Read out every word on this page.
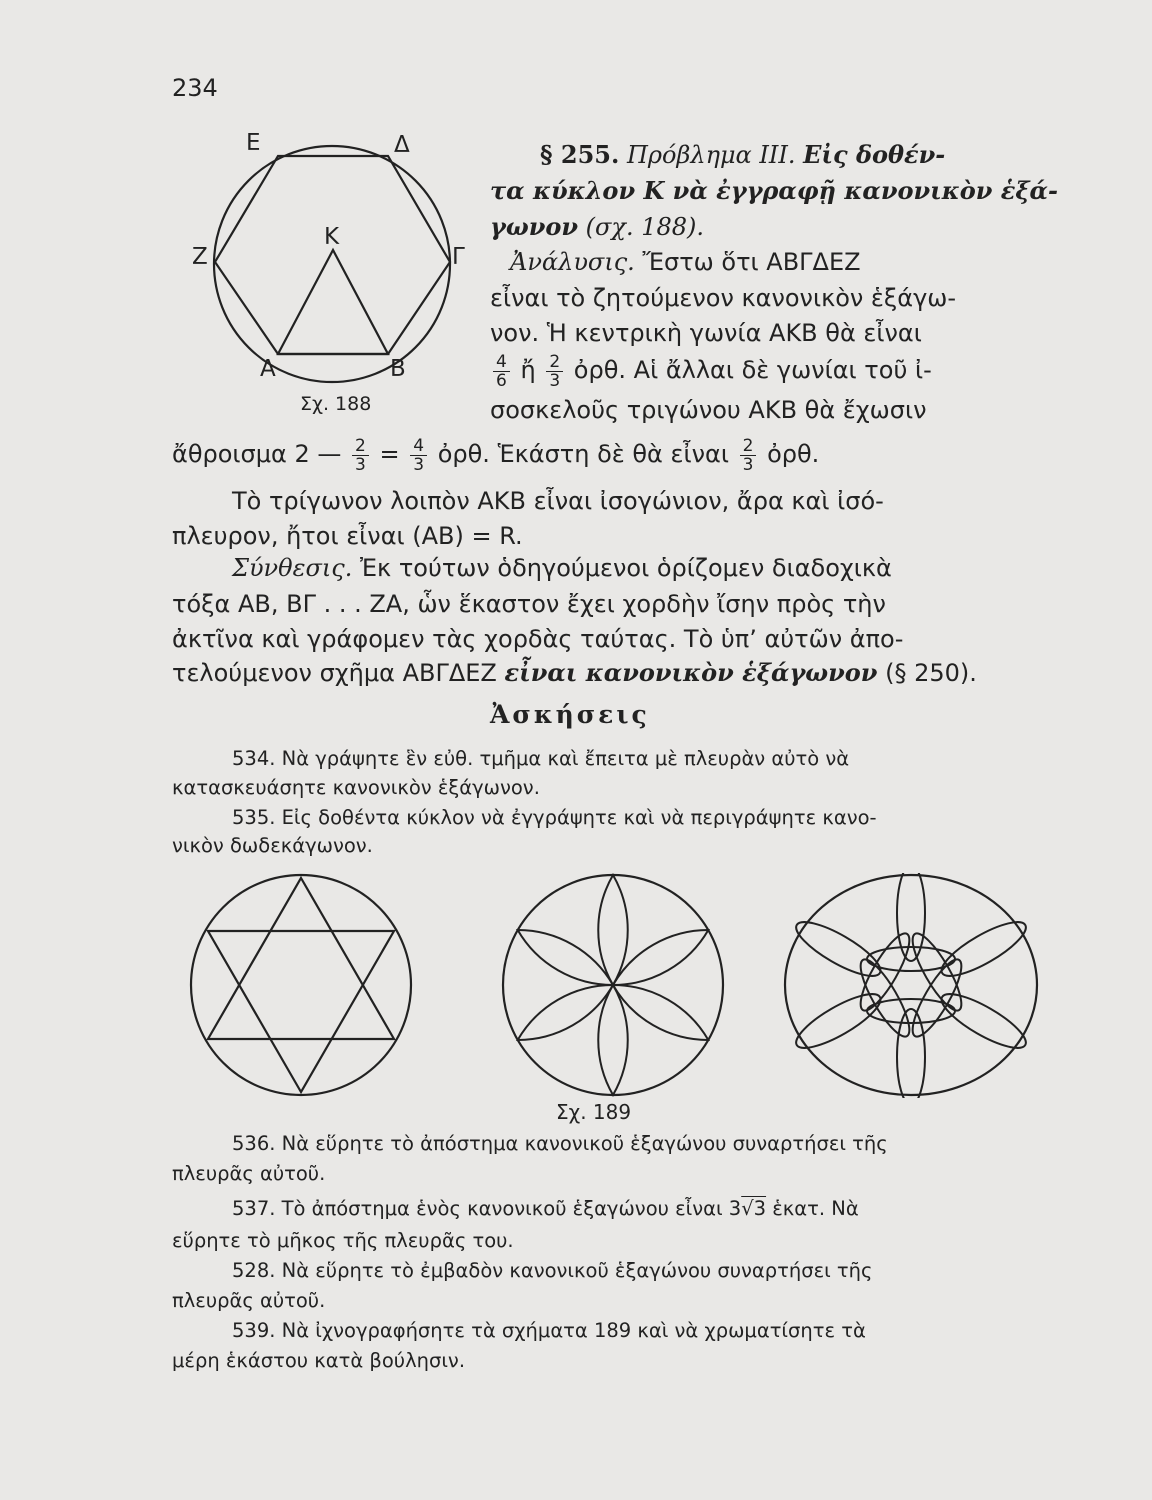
234
Ε	Δ
Ζ	Γ
Κ
Α	Β
Σχ. 188
§ 255. Πρόβλημα ΙΙΙ. Εἰς δοθέν-
τα κύκλον Κ νὰ ἐγγραφῇ κανονικὸν ἑξά-
γωνον (σχ. 188).
Ἀνάλυσις. Ἔστω ὅτι ΑΒΓΔΕΖ
εἶναι τὸ ζητούμενον κανονικὸν ἑξάγω-
νον. Ἡ κεντρικὴ γωνία ΑΚΒ θὰ εἶναι
$\frac{4}{6}$ ἤ $\frac{2}{3}$ ὀρθ. Αἱ ἄλλαι δὲ γωνίαι τοῦ ἰ-
σοσκελοῦς τριγώνου ΑΚΒ θὰ ἔχωσιν
ἄθροισμα 2 — $\frac{2}{3} = \frac{4}{3}$ ὀρθ. Ἑκάστη δὲ θὰ εἶναι $\frac{2}{3}$ ὀρθ.
Τὸ τρίγωνον λοιπὸν ΑΚΒ εἶναι ἰσογώνιον, ἄρα καὶ ἰσό-
πλευρον, ἤτοι εἶναι (ΑΒ) = R.
Σύνθεσις. Ἐκ τούτων ὁδηγούμενοι ὁρίζομεν διαδοχικὰ
τόξα ΑΒ, ΒΓ . . . ΖΑ, ὧν ἕκαστον ἔχει χορδὴν ἴσην πρὸς τὴν
ἀκτῖνα καὶ γράφομεν τὰς χορδὰς ταύτας. Τὸ ὑπ’ αὐτῶν ἀπο-
τελούμενον σχῆμα ΑΒΓΔΕΖ εἶναι κανονικὸν ἑξάγωνον (§ 250).
Ἀσκήσεις
534. Νὰ γράψητε ἓν εὐθ. τμῆμα καὶ ἔπειτα μὲ πλευρὰν αὐτὸ νὰ
κατασκευάσητε κανονικὸν ἑξάγωνον.
535. Εἰς δοθέντα κύκλον νὰ ἐγγράψητε καὶ νὰ περιγράψητε κανο-
νικὸν δωδεκάγωνον.
Σχ. 189
536. Νὰ εὕρητε τὸ ἀπόστημα κανονικοῦ ἑξαγώνου συναρτήσει τῆς
πλευρᾶς αὐτοῦ.
537. Τὸ ἀπόστημα ἑνὸς κανονικοῦ ἑξαγώνου εἶναι 3√3 ἑκατ. Νὰ
εὕρητε τὸ μῆκος τῆς πλευρᾶς του.
528. Νὰ εὕρητε τὸ ἐμβαδὸν κανονικοῦ ἑξαγώνου συναρτήσει τῆς
πλευρᾶς αὐτοῦ.
539. Νὰ ἰχνογραφήσητε τὰ σχήματα 189 καὶ νὰ χρωματίσητε τὰ
μέρη ἑκάστου κατὰ βούλησιν.
